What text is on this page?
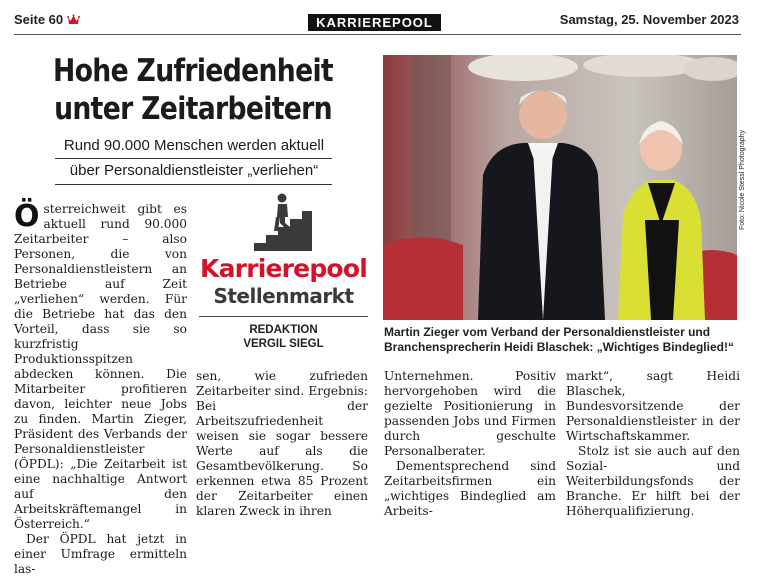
Seite 60	KARRIEREPOOL	Samstag, 25. November 2023
Hohe Zufriedenheit
unter Zeitarbeitern
Rund 90.000 Menschen werden aktuell
über Personaldienstleister „verliehen“
Ö sterreichweit gibt es aktuell rund 90.000 Zeitarbeiter – also Personen, die von Personaldienstleistern an Betriebe auf Zeit „verliehen“ werden. Für die Betriebe hat das den Vorteil, dass sie so kurzfristig Produktionsspitzen abdecken können. Die Mitarbeiter profitieren davon, leichter neue Jobs zu finden. Martin Zieger, Präsident des Verbands der Personaldienstleister (ÖPDL): „Die Zeitarbeit ist eine nachhaltige Antwort auf den Arbeitskräftemangel in Österreich.“

Der ÖPDL hat jetzt in einer Umfrage ermitteln las-

Karrierepool
Stellenmarkt
REDAKTION
VERGIL SIEGL
Foto: Nicole Stessl Photography
Martin Zieger vom Verband der Personaldienstleister und Branchensprecherin Heidi Blaschek: „Wichtiges Bindeglied!“

sen, wie zufrieden Zeitarbeiter sind. Ergebnis: Bei der Arbeitszufriedenheit weisen sie sogar bessere Werte auf als die Gesamtbevölkerung. So erkennen etwa 85 Prozent der Zeitarbeiter einen klaren Zweck in ihren

Unternehmen. Positiv hervorgehoben wird die gezielte Positionierung in passenden Jobs und Firmen durch geschulte Personalberater.

Dementsprechend sind Zeitarbeitsfirmen ein „wichtiges Bindeglied am Arbeits-

markt“, sagt Heidi Blaschek, Bundesvorsitzende der Personaldienstleister in der Wirtschaftskammer.

Stolz ist sie auch auf den Sozial- und Weiterbildungsfonds der Branche. Er hilft bei der Höherqualifizierung.
